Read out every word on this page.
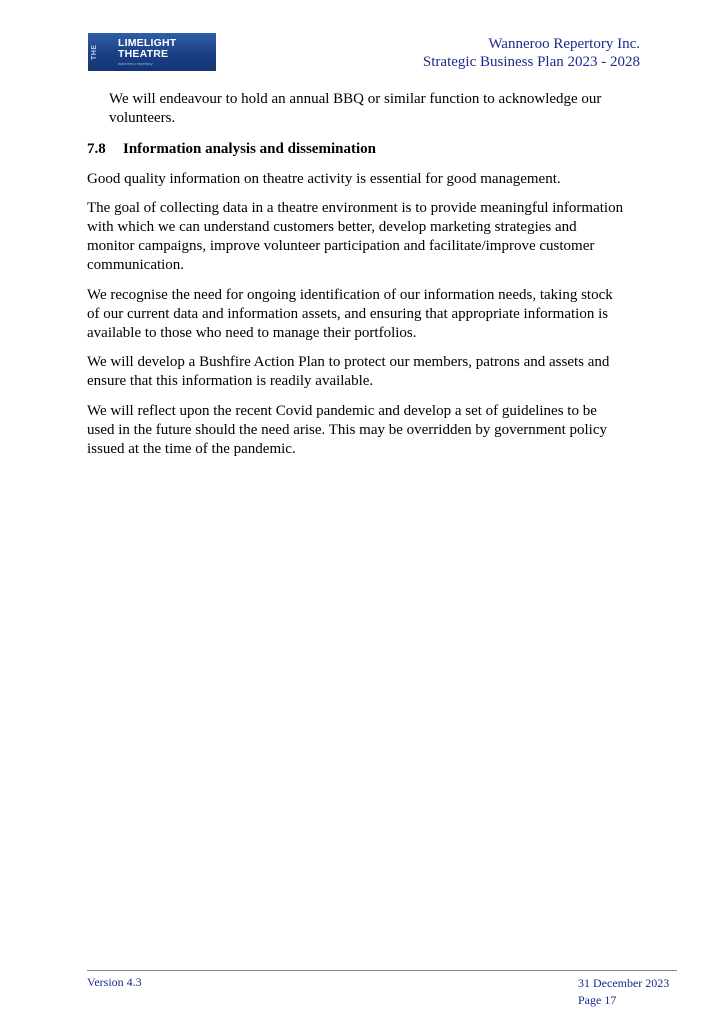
THE
LIMELIGHT
THEATRE
wanneroo repertory
Wanneroo Repertory Inc.
Strategic Business Plan 2023 - 2028

We will endeavour to hold an annual BBQ or similar function to acknowledge our volunteers.

7.8 Information analysis and dissemination

Good quality information on theatre activity is essential for good management.

The goal of collecting data in a theatre environment is to provide meaningful information with which we can understand customers better, develop marketing strategies and monitor campaigns, improve volunteer participation and facilitate/improve customer communication.

We recognise the need for ongoing identification of our information needs, taking stock of our current data and information assets, and ensuring that appropriate information is available to those who need to manage their portfolios.

We will develop a Bushfire Action Plan to protect our members, patrons and assets and ensure that this information is readily available.

We will reflect upon the recent Covid pandemic and develop a set of guidelines to be used in the future should the need arise. This may be overridden by government policy issued at the time of the pandemic.

Version 4.3	31 December 2023
Page 17
